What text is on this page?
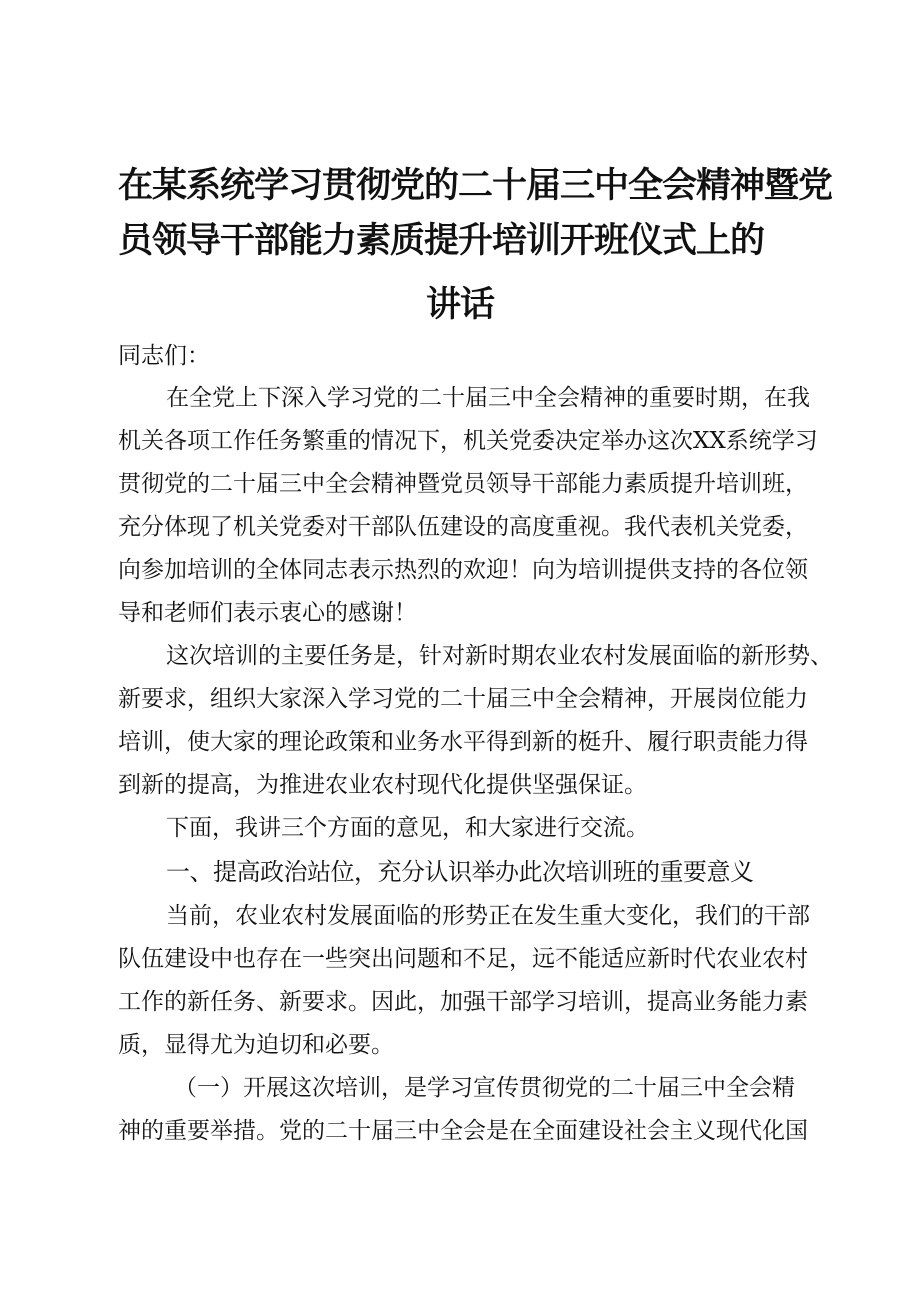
在某系统学习贯彻党的二十届三中全会精神暨党
员领导干部能力素质提升培训开班仪式上的
讲话
同志们：
在全党上下深入学习党的二十届三中全会精神的重要时期，在我
机关各项工作任务繁重的情况下，机关党委决定举办这次XX系统学习
贯彻党的二十届三中全会精神暨党员领导干部能力素质提升培训班，
充分体现了机关党委对干部队伍建设的高度重视。我代表机关党委，
向参加培训的全体同志表示热烈的欢迎！向为培训提供支持的各位领
导和老师们表示衷心的感谢！
这次培训的主要任务是，针对新时期农业农村发展面临的新形势、
新要求，组织大家深入学习党的二十届三中全会精神，开展岗位能力
培训，使大家的理论政策和业务水平得到新的梃升、履行职责能力得
到新的提高，为推进农业农村现代化提供坚强保证。
下面，我讲三个方面的意见，和大家进行交流。
一、提高政治站位，充分认识举办此次培训班的重要意义
当前，农业农村发展面临的形势正在发生重大变化，我们的干部
队伍建设中也存在一些突出问题和不足，远不能适应新时代农业农村
工作的新任务、新要求。因此，加强干部学习培训，提高业务能力素
质，显得尤为迫切和必要。
（一）开展这次培训，是学习宣传贯彻党的二十届三中全会精
神的重要举措。党的二十届三中全会是在全面建设社会主义现代化国
